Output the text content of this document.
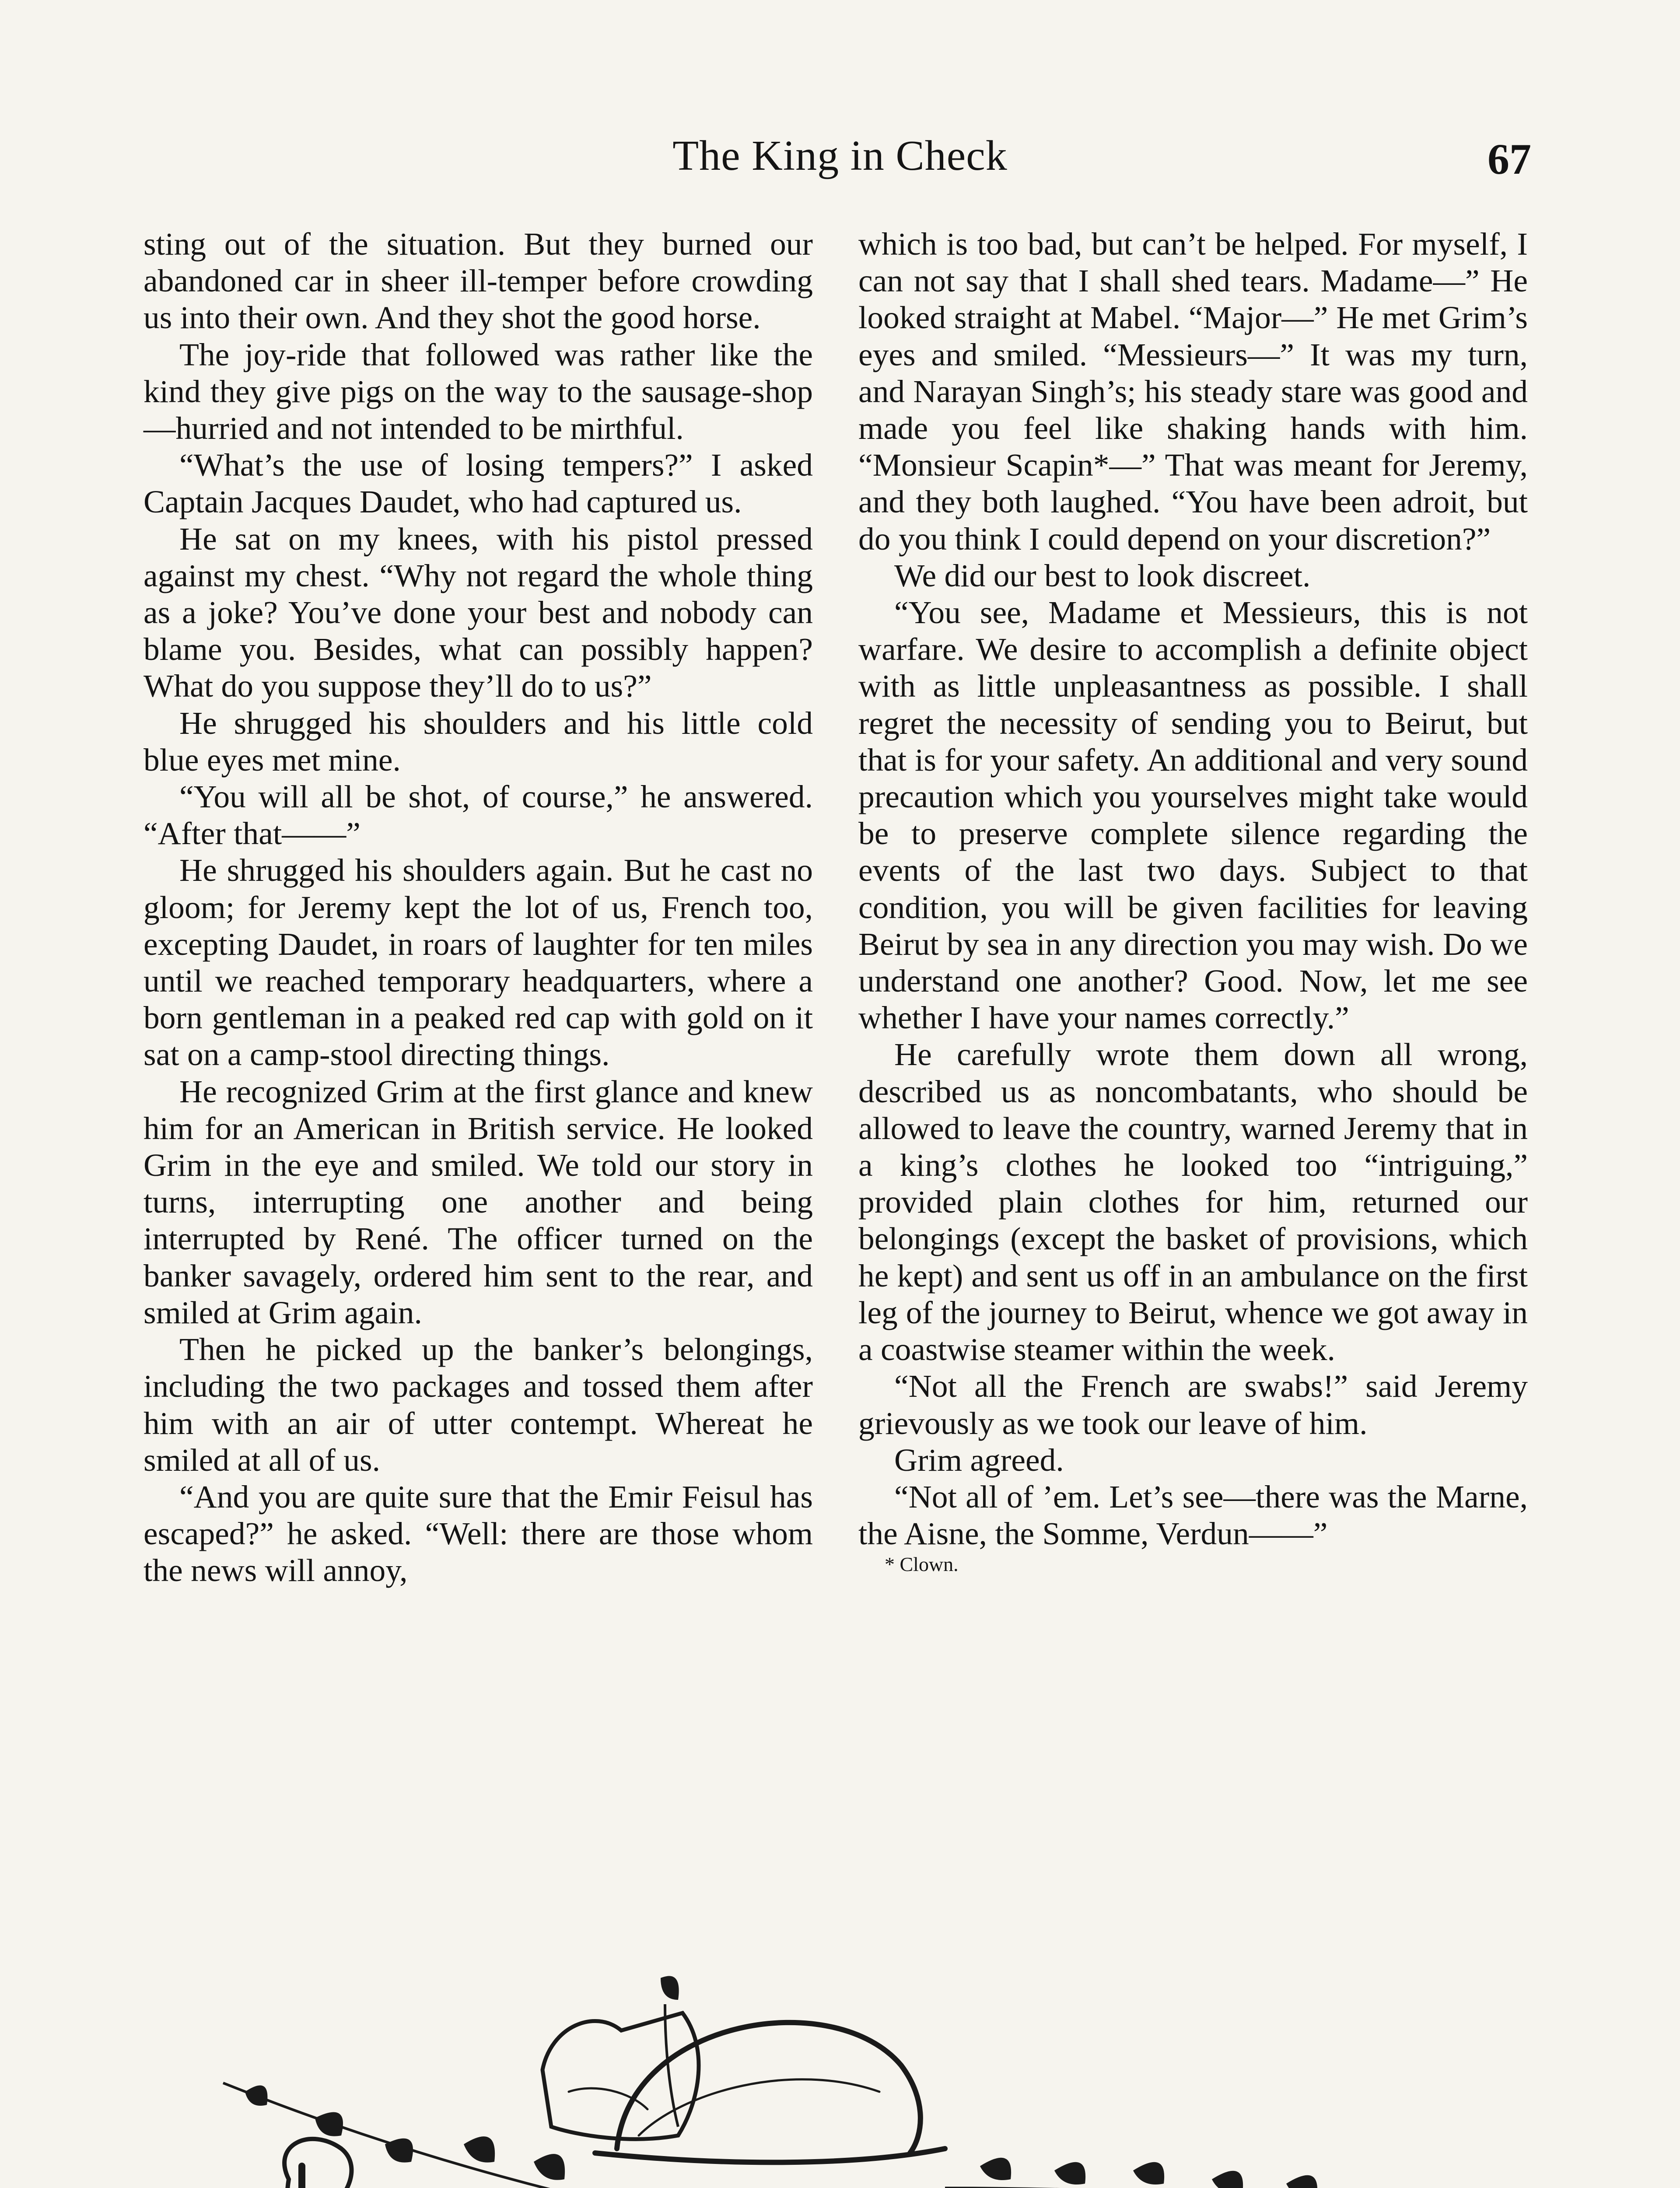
The King in Check	67

sting out of the situation. But they burned our abandoned car in sheer ill-temper before crowding us into their own. And they shot the good horse.

The joy-ride that followed was rather like the kind they give pigs on the way to the sausage-shop—hurried and not intended to be mirthful.

“What’s the use of losing tempers?” I asked Captain Jacques Daudet, who had captured us.

He sat on my knees, with his pistol pressed against my chest. “Why not regard the whole thing as a joke? You’ve done your best and nobody can blame you. Besides, what can possibly happen? What do you suppose they’ll do to us?”

He shrugged his shoulders and his little cold blue eyes met mine.

“You will all be shot, of course,” he answered. “After that——”

He shrugged his shoulders again. But he cast no gloom; for Jeremy kept the lot of us, French too, excepting Daudet, in roars of laughter for ten miles until we reached temporary headquarters, where a born gentleman in a peaked red cap with gold on it sat on a camp-stool directing things.

He recognized Grim at the first glance and knew him for an American in British service. He looked Grim in the eye and smiled. We told our story in turns, interrupting one another and being interrupted by René. The officer turned on the banker savagely, ordered him sent to the rear, and smiled at Grim again.

Then he picked up the banker’s belongings, including the two packages and tossed them after him with an air of utter contempt. Whereat he smiled at all of us.

“And you are quite sure that the Emir Feisul has escaped?” he asked. “Well: there are those whom the news will annoy,

which is too bad, but can’t be helped. For myself, I can not say that I shall shed tears. Madame—” He looked straight at Mabel. “Major—” He met Grim’s eyes and smiled. “Messieurs—” It was my turn, and Narayan Singh’s; his steady stare was good and made you feel like shaking hands with him. “Monsieur Scapin*—” That was meant for Jeremy, and they both laughed. “You have been adroit, but do you think I could depend on your discretion?”

We did our best to look discreet.

“You see, Madame et Messieurs, this is not warfare. We desire to accomplish a definite object with as little unpleasantness as possible. I shall regret the necessity of sending you to Beirut, but that is for your safety. An additional and very sound precaution which you yourselves might take would be to preserve complete silence regarding the events of the last two days. Subject to that condition, you will be given facilities for leaving Beirut by sea in any direction you may wish. Do we understand one another? Good. Now, let me see whether I have your names correctly.”

He carefully wrote them down all wrong, described us as noncombatants, who should be allowed to leave the country, warned Jeremy that in a king’s clothes he looked too “intriguing,” provided plain clothes for him, returned our belongings (except the basket of provisions, which he kept) and sent us off in an ambulance on the first leg of the journey to Beirut, whence we got away in a coastwise steamer within the week.

“Not all the French are swabs!” said Jeremy grievously as we took our leave of him.

Grim agreed.

“Not all of ’em. Let’s see—there was the Marne, the Aisne, the Somme, Verdun——”

* Clown.
